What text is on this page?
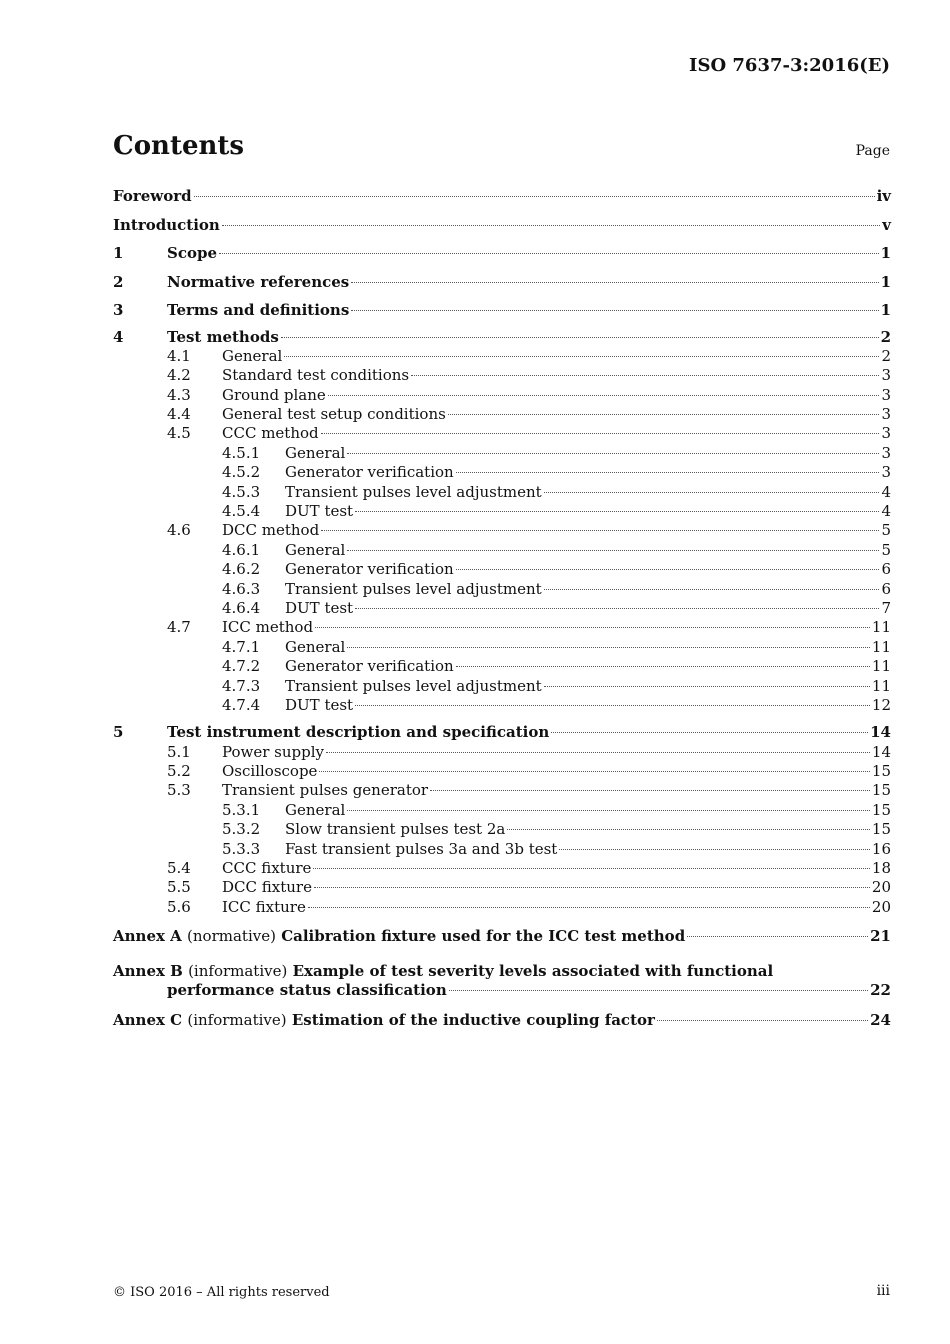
ISO 7637-3:2016(E)
Contents	Page
Foreword	iv
Introduction	v
1	Scope	1
2	Normative references	1
3	Terms and definitions	1
4	Test methods	2
4.1	General	2
4.2	Standard test conditions	3
4.3	Ground plane	3
4.4	General test setup conditions	3
4.5	CCC method	3
4.5.1	General	3
4.5.2	Generator verification	3
4.5.3	Transient pulses level adjustment	4
4.5.4	DUT test	4
4.6	DCC method	5
4.6.1	General	5
4.6.2	Generator verification	6
4.6.3	Transient pulses level adjustment	6
4.6.4	DUT test	7
4.7	ICC method	11
4.7.1	General	11
4.7.2	Generator verification	11
4.7.3	Transient pulses level adjustment	11
4.7.4	DUT test	12
5	Test instrument description and specification	14
5.1	Power supply	14
5.2	Oscilloscope	15
5.3	Transient pulses generator	15
5.3.1	General	15
5.3.2	Slow transient pulses test 2a	15
5.3.3	Fast transient pulses 3a and 3b test	16
5.4	CCC fixture	18
5.5	DCC fixture	20
5.6	ICC fixture	20
Annex A (normative) Calibration fixture used for the ICC test method	21
Annex B (informative) Example of test severity levels associated with functional
performance status classification	22
Annex C (informative) Estimation of the inductive coupling factor	24
© ISO 2016 – All rights reserved	iii
